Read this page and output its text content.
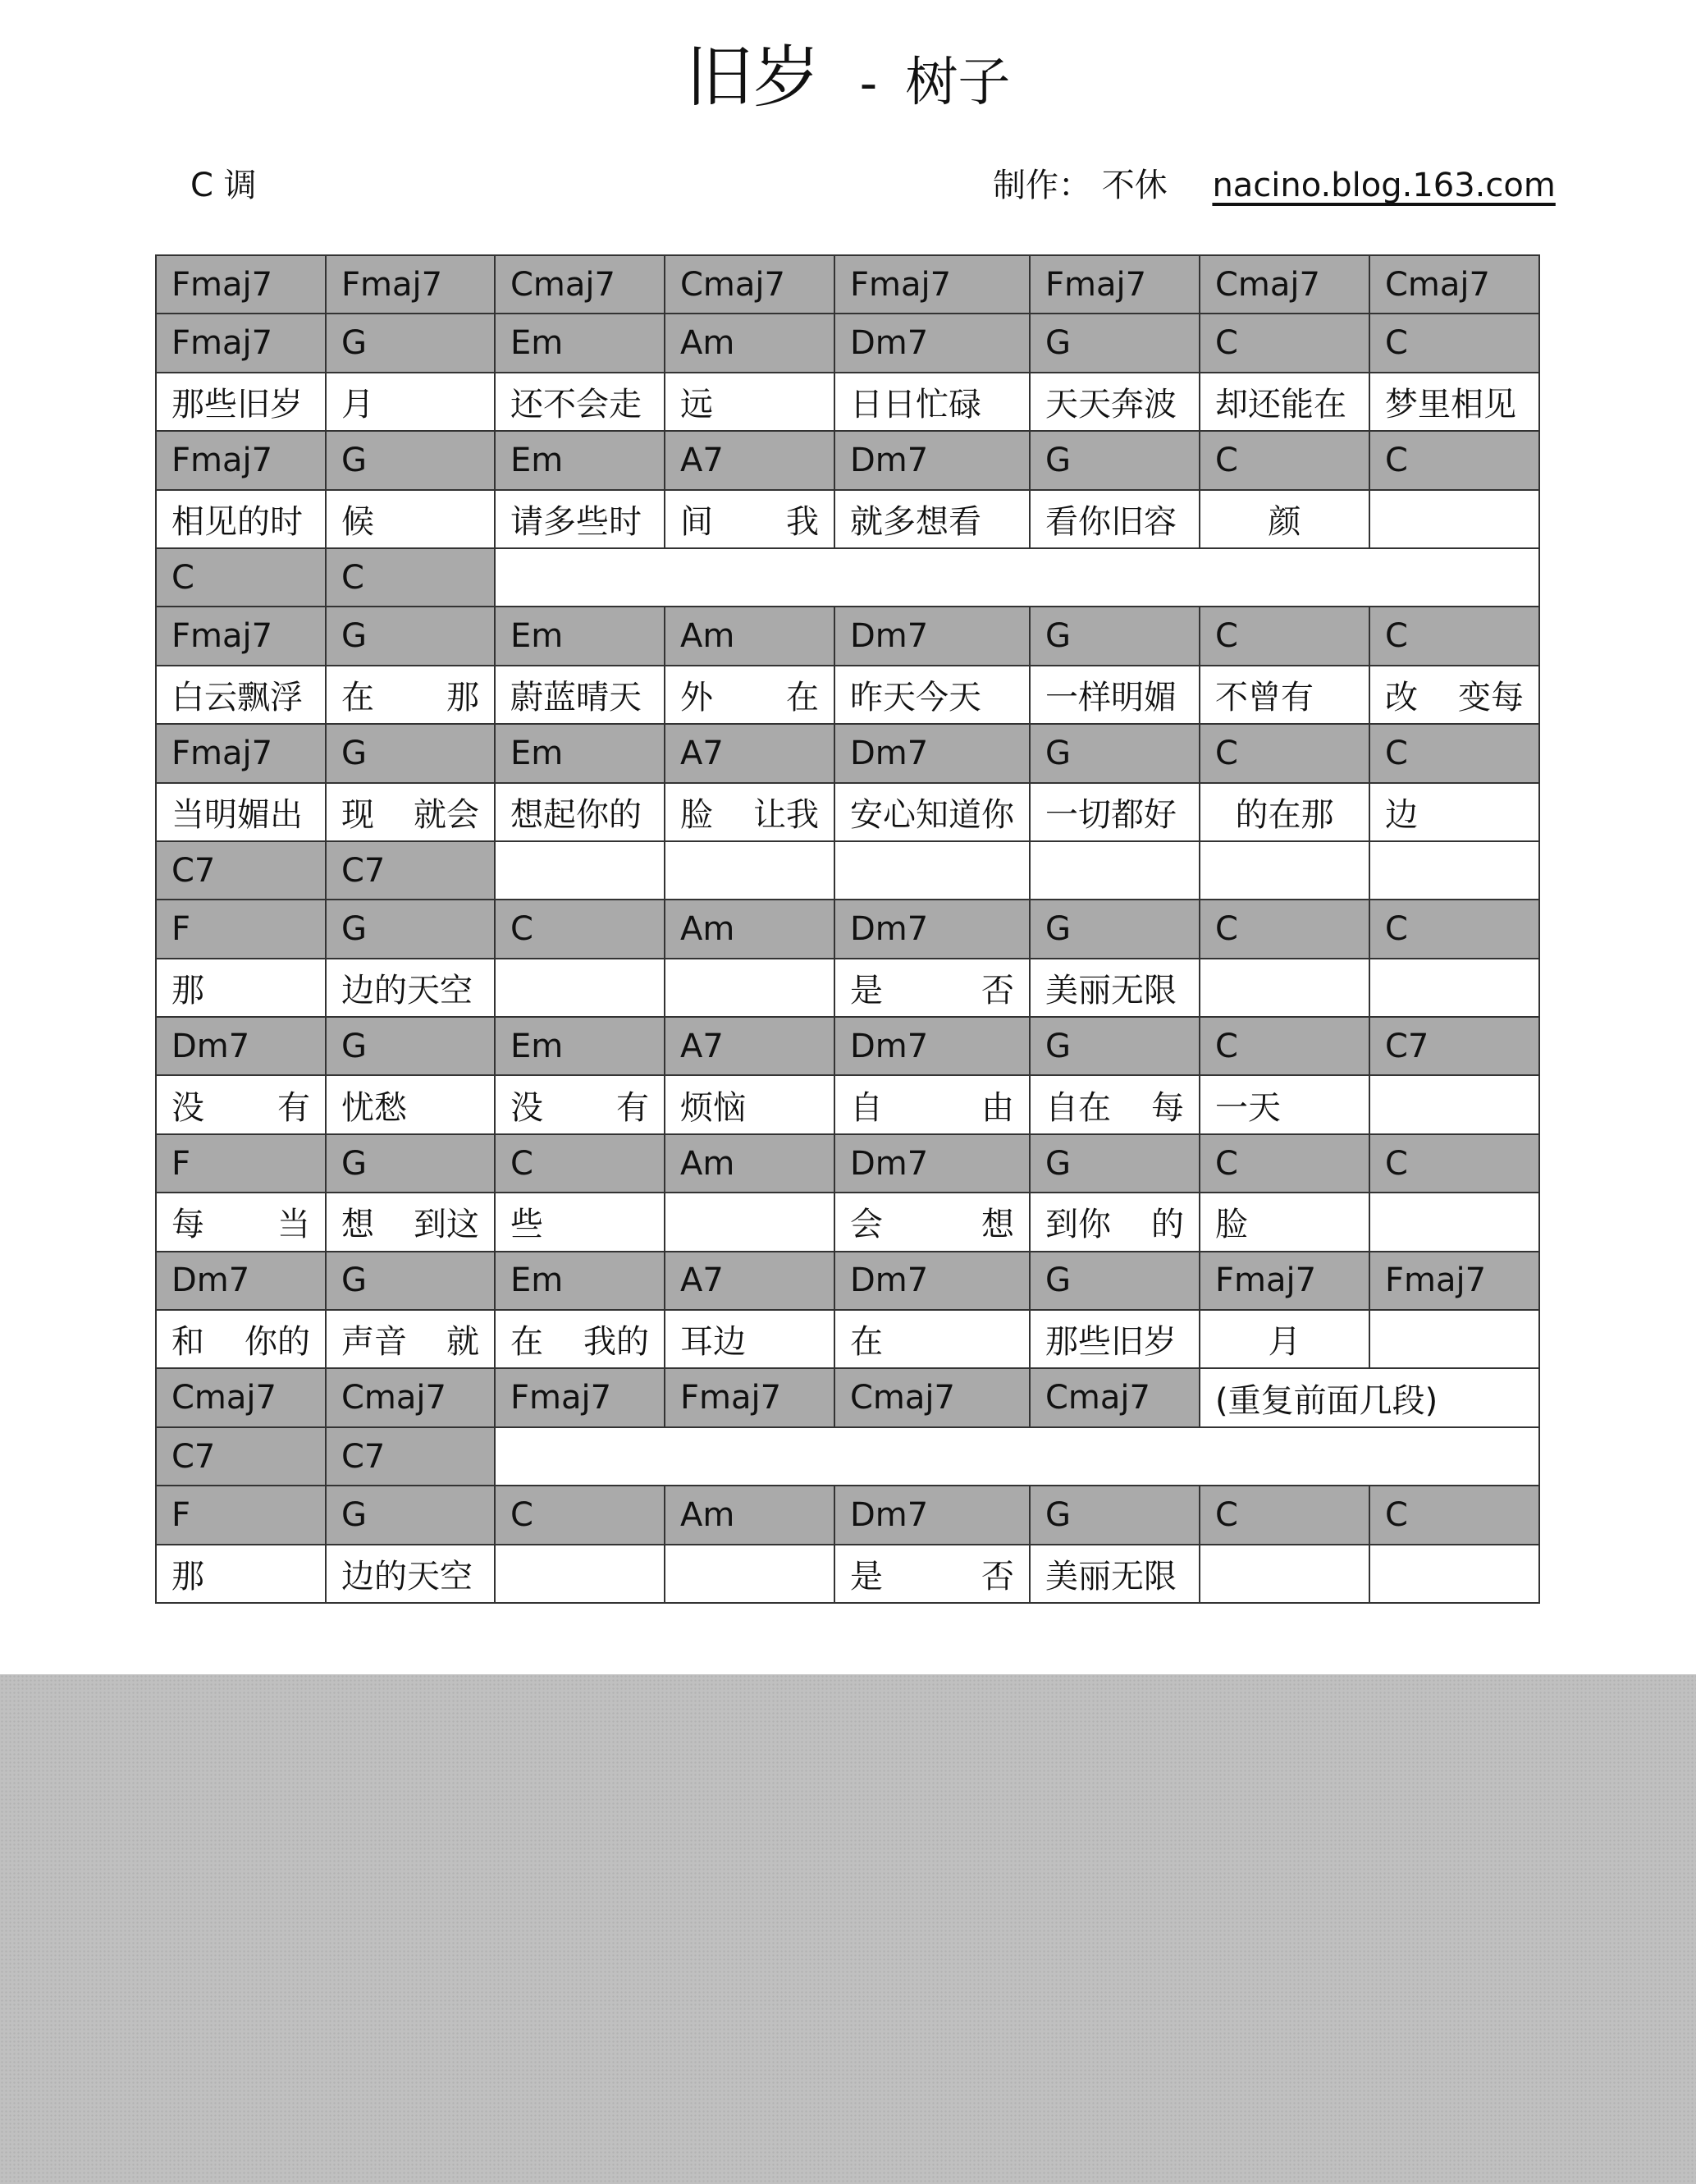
旧岁 - 树子
C 调	制作： 不休 nacino.blog.163.com
Fmaj7	Fmaj7	Cmaj7	Cmaj7	Fmaj7	Fmaj7	Cmaj7	Cmaj7
Fmaj7	G	Em	Am	Dm7	G	C	C
那些旧岁	月	还不会走	远	日日忙碌	天天奔波	却还能在	梦里相见
Fmaj7	G	Em	A7	Dm7	G	C	C
相见的时	候	请多些时	间 我	就多想看	看你旧容	颜	
C	C						
Fmaj7	G	Em	Am	Dm7	G	C	C
白云飘浮	在 那	蔚蓝晴天	外 在	昨天今天	一样明媚	不曾有	改 变每

Fmaj7	G	Em	A7	Dm7	G	C	C
当明媚出	现 就会	想起你的	脸 让我	安心知道你	一切都好	的在那	边
C7	C7						
F	G	C	Am	Dm7	G	C	C
那	边的天空			是 否	美丽无限		
Dm7	G	Em	A7	Dm7	G	C	C7

没 有	忧愁	没 有	烦恼	自 由	自在 每	一天	
F	G	C	Am	Dm7	G	C	C

每 当	想 到这	些		会 想	到你 的	脸	
Dm7	G	Em	A7	Dm7	G	Fmaj7	Fmaj7

和 你的	声音 就	在 我的	耳边	在	那些旧岁	月	
Cmaj7	Cmaj7	Fmaj7	Fmaj7	Cmaj7	Cmaj7	(重复前面几段)	
C7	C7						
F	G	C	Am	Dm7	G	C	C
那	边的天空			是 否	美丽无限		
